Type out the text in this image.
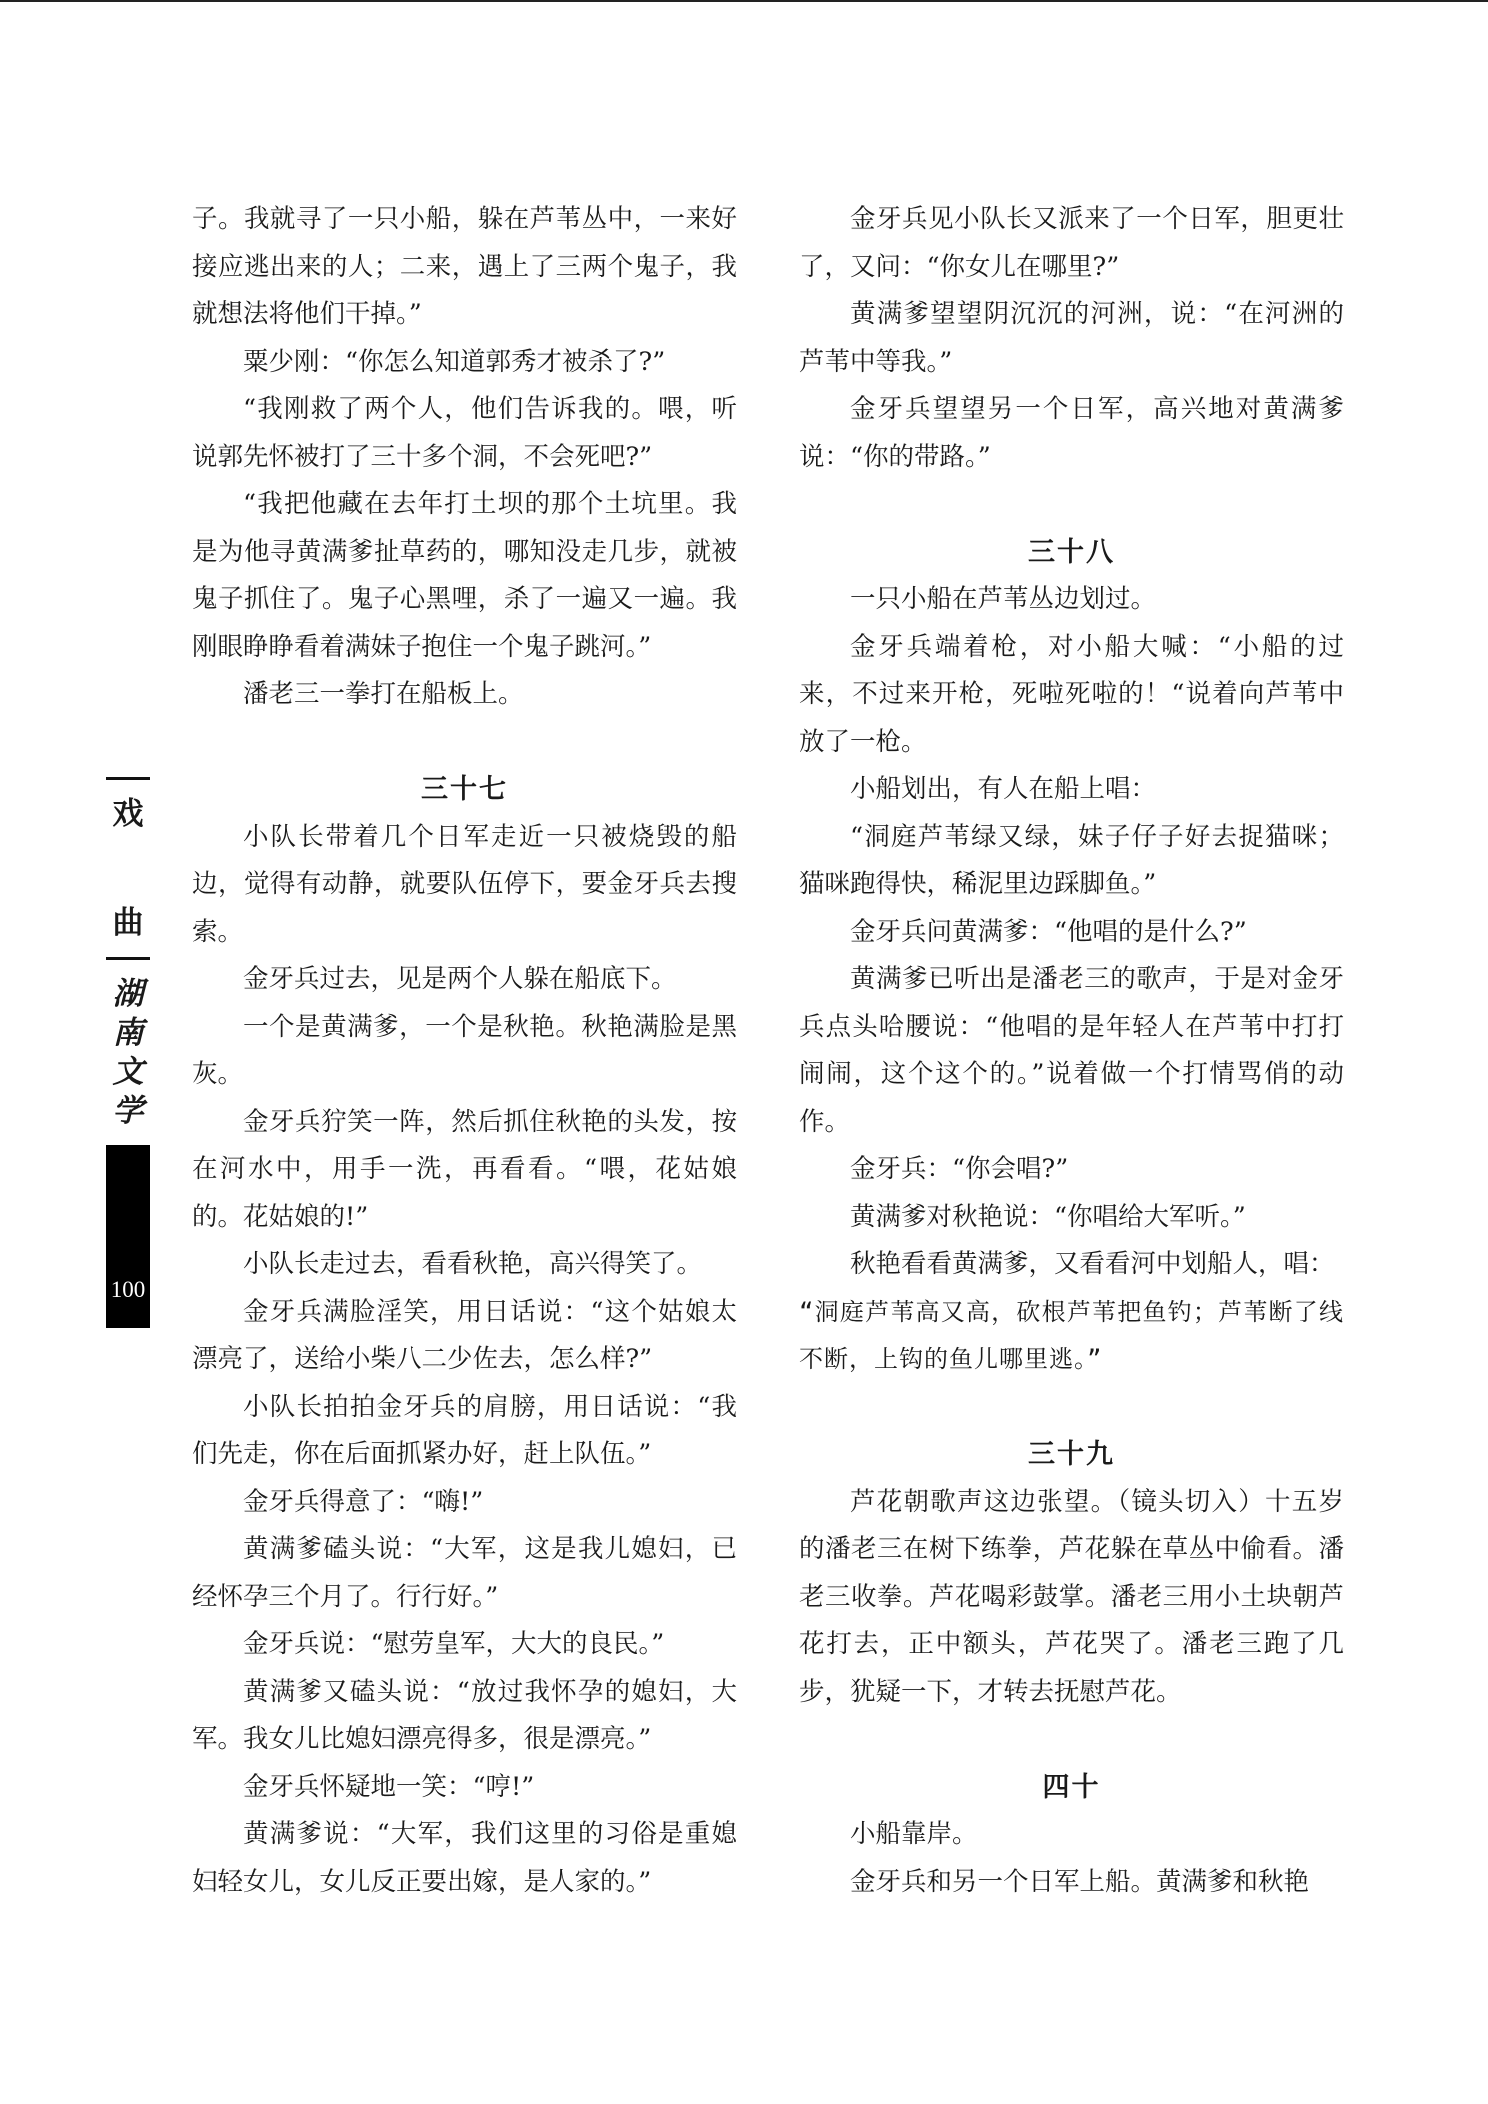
戏
曲
湖
南
文
学
100

子。我就寻了一只小船，躲在芦苇丛中，一来好接应逃出来的人；二来，遇上了三两个鬼子，我就想法将他们干掉。”

粟少刚：“你怎么知道郭秀才被杀了?”

“我刚救了两个人，他们告诉我的。喂，听说郭先怀被打了三十多个洞，不会死吧?”

“我把他藏在去年打土坝的那个土坑里。我是为他寻黄满爹扯草药的，哪知没走几步，就被鬼子抓住了。鬼子心黑哩，杀了一遍又一遍。我刚眼睁睁看着满妹子抱住一个鬼子跳河。”

潘老三一拳打在船板上。

三十七

小队长带着几个日军走近一只被烧毁的船边，觉得有动静，就要队伍停下，要金牙兵去搜索。

金牙兵过去，见是两个人躲在船底下。

一个是黄满爹，一个是秋艳。秋艳满脸是黑灰。

金牙兵狞笑一阵，然后抓住秋艳的头发，按在河水中，用手一洗，再看看。“喂，花姑娘的。花姑娘的!”

小队长走过去，看看秋艳，高兴得笑了。

金牙兵满脸淫笑，用日话说：“这个姑娘太漂亮了，送给小柴八二少佐去，怎么样?”

小队长拍拍金牙兵的肩膀，用日话说：“我们先走，你在后面抓紧办好，赶上队伍。”

金牙兵得意了：“嗨!”

黄满爹磕头说：“大军，这是我儿媳妇，已经怀孕三个月了。行行好。”

金牙兵说：“慰劳皇军，大大的良民。”

黄满爹又磕头说：“放过我怀孕的媳妇，大军。我女儿比媳妇漂亮得多，很是漂亮。”

金牙兵怀疑地一笑：“哼!”

黄满爹说：“大军，我们这里的习俗是重媳妇轻女儿，女儿反正要出嫁，是人家的。”

金牙兵见小队长又派来了一个日军，胆更壮了，又问：“你女儿在哪里?”

黄满爹望望阴沉沉的河洲，说：“在河洲的芦苇中等我。”

金牙兵望望另一个日军，高兴地对黄满爹说：“你的带路。”

三十八

一只小船在芦苇丛边划过。

金牙兵端着枪，对小船大喊：“小船的过来，不过来开枪，死啦死啦的！“说着向芦苇中放了一枪。

小船划出，有人在船上唱：

“洞庭芦苇绿又绿，妹子仔子好去捉猫咪；猫咪跑得快，稀泥里边踩脚鱼。”

金牙兵问黄满爹：“他唱的是什么?”

黄满爹已听出是潘老三的歌声，于是对金牙兵点头哈腰说：“他唱的是年轻人在芦苇中打打闹闹，这个这个的。”说着做一个打情骂俏的动作。

金牙兵：“你会唱?”

黄满爹对秋艳说：“你唱给大军听。”

秋艳看看黄满爹，又看看河中划船人，唱：

“洞庭芦苇高又高，砍根芦苇把鱼钓；芦苇断了线不断，上钩的鱼儿哪里逃。”

三十九

芦花朝歌声这边张望。（镜头切入）十五岁的潘老三在树下练拳，芦花躲在草丛中偷看。潘老三收拳。芦花喝彩鼓掌。潘老三用小土块朝芦花打去，正中额头，芦花哭了。潘老三跑了几步，犹疑一下，才转去抚慰芦花。

四十

小船靠岸。

金牙兵和另一个日军上船。黄满爹和秋艳
